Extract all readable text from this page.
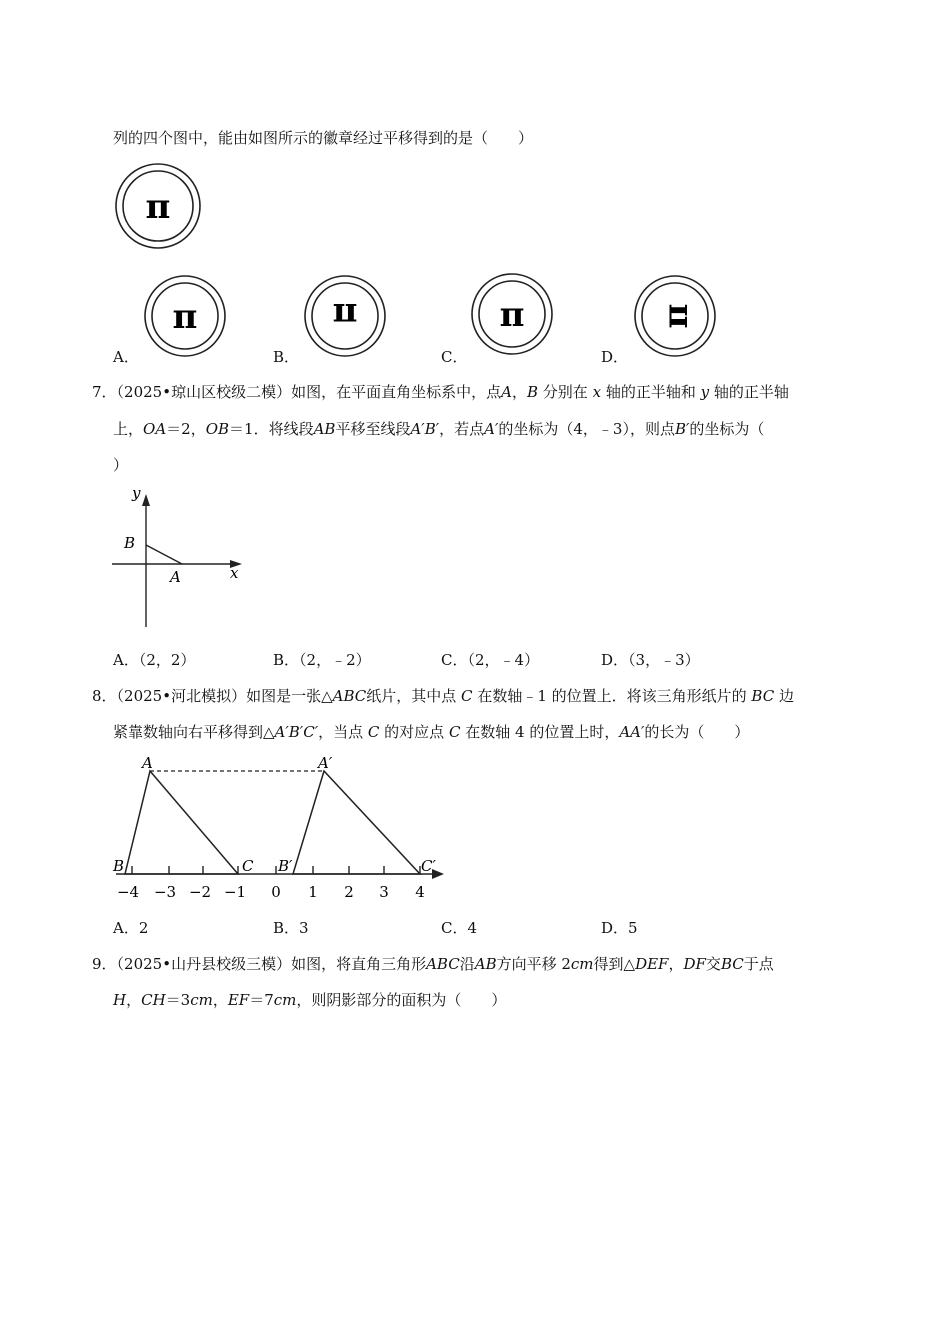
列的四个图中，能由如图所示的徽章经过平移得到的是（　　）
π
π	π	π	π
A．	B．	C．	D．
7．（2025•琼山区校级二模）如图，在平面直角坐标系中，点A，B 分别在 x 轴的正半轴和 y 轴的正半轴
上，OA＝2，OB＝1．将线段AB平移至线段A′B′，若点A′的坐标为（4，﹣3），则点B′的坐标为（
）
y
x
B
A
A．（2，2）	B．（2，﹣2）	C．（2，﹣4）	D．（3，﹣3）
8．（2025•河北模拟）如图是一张△ABC纸片，其中点 C 在数轴﹣1 的位置上．将该三角形纸片的 BC 边
紧靠数轴向右平移得到△A′B′C′，当点 C 的对应点 C 在数轴 4 的位置上时，AA′的长为（　　）
A
B	C
A′
B′	C′
−4 −3 −2 −1 0 1 2 3 4
A．2	B．3	C．4	D．5
9．（2025•山丹县校级三模）如图，将直角三角形ABC沿AB方向平移 2cm得到△DEF，DF交BC于点
H，CH＝3cm，EF＝7cm，则阴影部分的面积为（　　）
